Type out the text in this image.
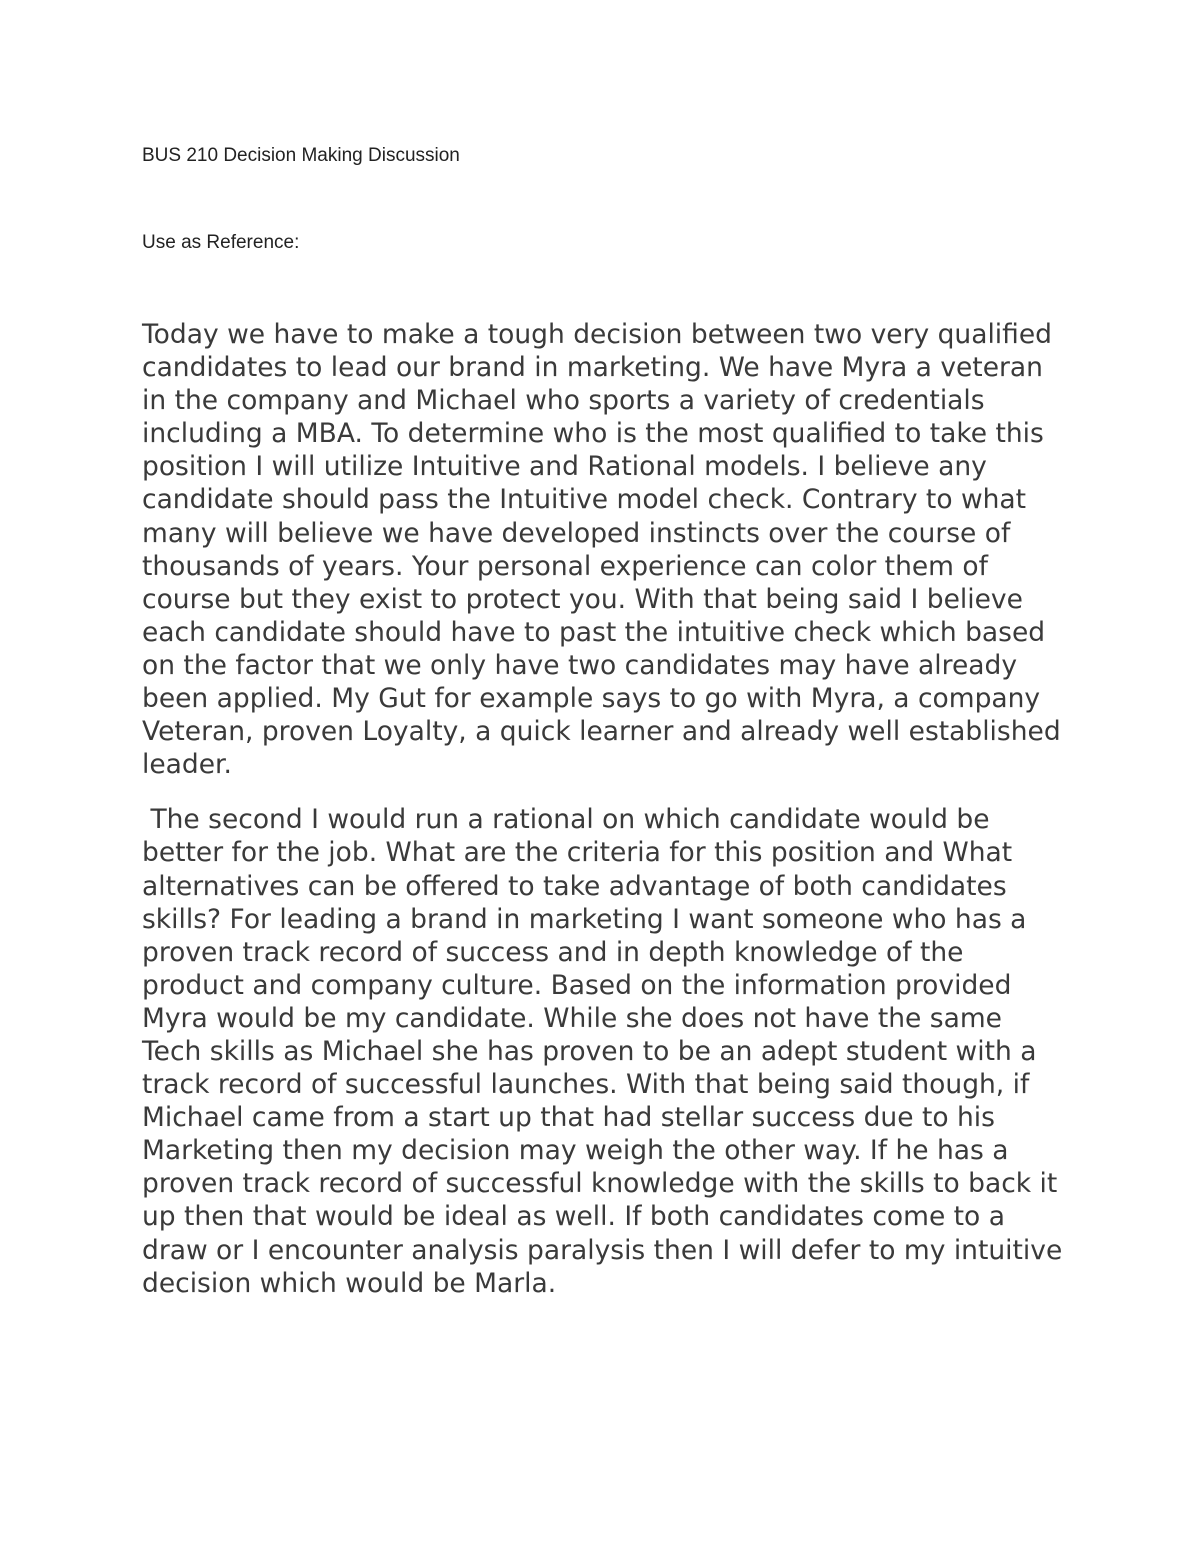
BUS 210 Decision Making Discussion
Use as Reference:

Today we have to make a tough decision between two very qualified candidates to lead our brand in marketing. We have Myra a veteran in the company and Michael who sports a variety of credentials including a MBA. To determine who is the most qualified to take this position I will utilize Intuitive and Rational models. I believe any candidate should pass the Intuitive model check. Contrary to what many will believe we have developed instincts over the course of thousands of years. Your personal experience can color them of course but they exist to protect you. With that being said I believe each candidate should have to past the intuitive check which based on the factor that we only have two candidates may have already been applied. My Gut for example says to go with Myra, a company Veteran, proven Loyalty, a quick learner and already well established leader.

The second I would run a rational on which candidate would be better for the job. What are the criteria for this position and What alternatives can be offered to take advantage of both candidates skills? For leading a brand in marketing I want someone who has a proven track record of success and in depth knowledge of the product and company culture. Based on the information provided Myra would be my candidate. While she does not have the same Tech skills as Michael she has proven to be an adept student with a track record of successful launches. With that being said though, if Michael came from a start up that had stellar success due to his Marketing then my decision may weigh the other way. If he has a proven track record of successful knowledge with the skills to back it up then that would be ideal as well. If both candidates come to a draw or I encounter analysis paralysis then I will defer to my intuitive decision which would be Marla.
